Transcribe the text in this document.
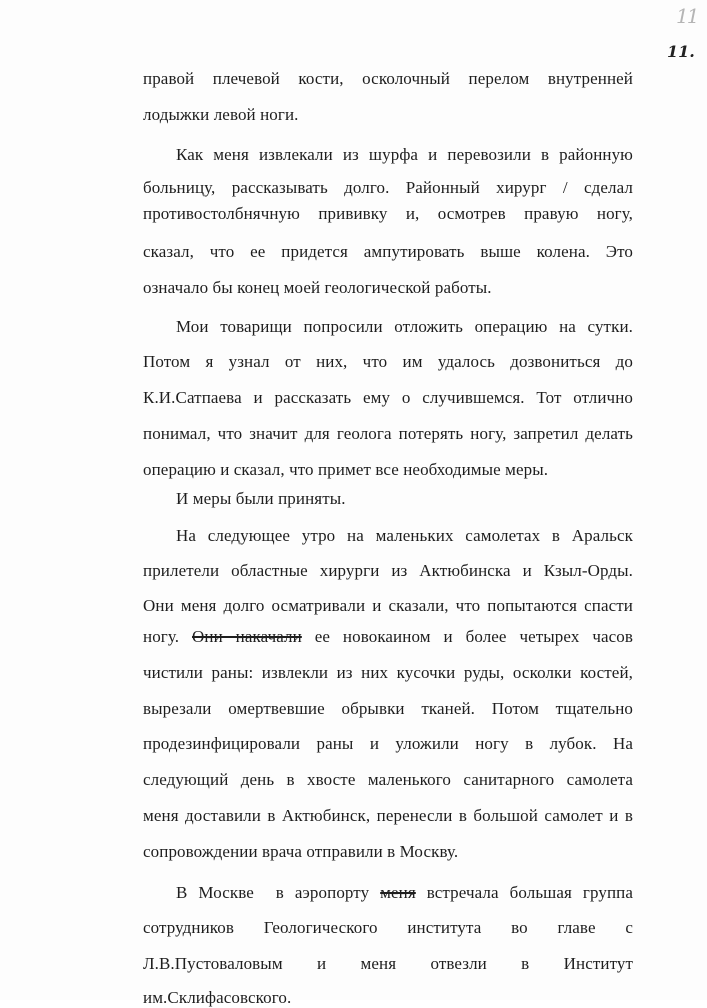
11
11.
правой плечевой кости, осколочный перелом внутренней
лодыжки левой ноги.
Как меня извлекали из шурфа и перевозили в районную
больницу, рассказывать долго. Районный хирург / сделал
противостолбнячную прививку и, осмотрев правую ногу,
сказал, что ее придется ампутировать выше колена. Это
означало бы конец моей геологической работы.
Мои товарищи попросили отложить операцию на сутки.
Потом я узнал от них, что им удалось дозвониться до
К.И.Сатпаева и рассказать ему о случившемся. Тот отлично
понимал, что значит для геолога потерять ногу, запретил делать
операцию и сказал, что примет все необходимые меры.
И меры были приняты.
На следующее утро на маленьких самолетах в Аральск
прилетели областные хирурги из Актюбинска и Кзыл-Орды.
Они меня долго осматривали и сказали, что попытаются спасти
ногу. Они накачали ее новокаином и более четырех часов
чистили раны: извлекли из них кусочки руды, осколки костей,
вырезали омертвевшие обрывки тканей. Потом тщательно
продезинфицировали раны и уложили ногу в лубок. На
следующий день в хвосте маленького санитарного самолета
меня доставили в Актюбинск, перенесли в большой самолет и в
сопровождении врача отправили в Москву.
В Москве  в аэропорту меня встречала большая группа
сотрудников Геологического института во главе с
Л.В.Пустоваловым и меня отвезли в Институт
им.Склифасовского.
